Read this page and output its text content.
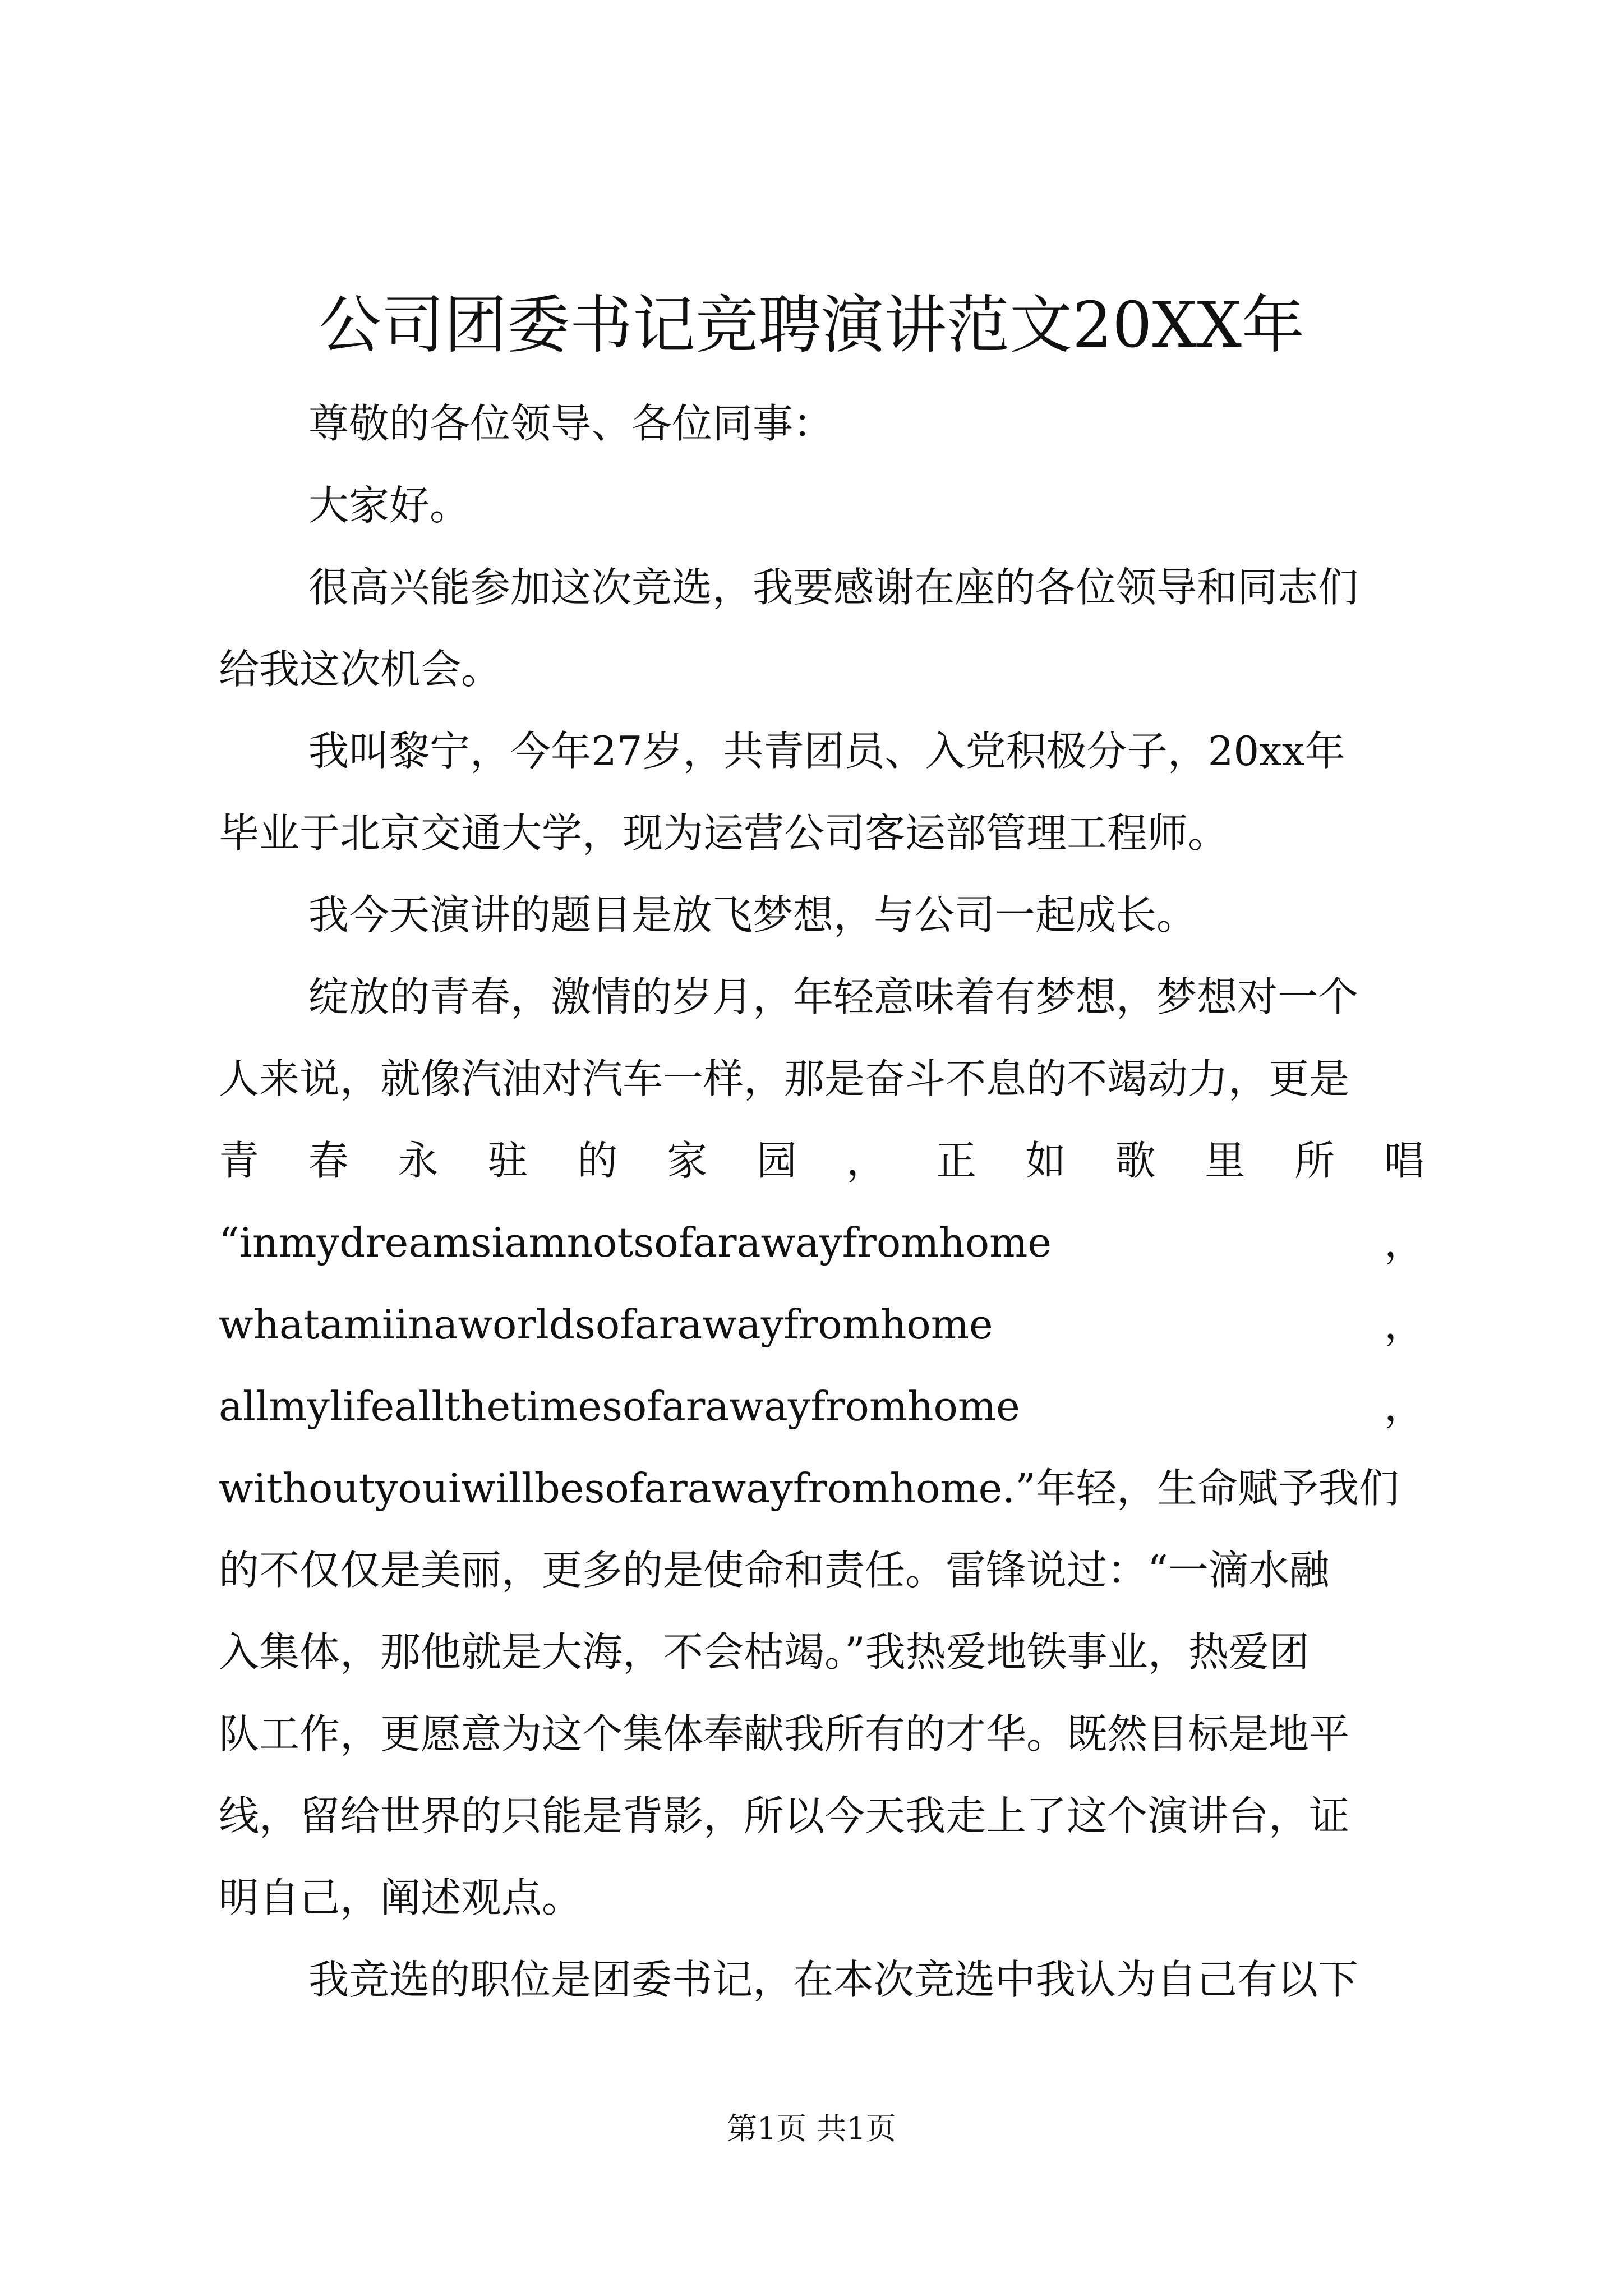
公司团委书记竞聘演讲范文20XX年

尊敬的各位领导、各位同事：

大家好。

很高兴能参加这次竞选，我要感谢在座的各位领导和同志们
给我这次机会。

我叫黎宁，今年27岁，共青团员、入党积极分子，20xx年
毕业于北京交通大学，现为运营公司客运部管理工程师。

我今天演讲的题目是放飞梦想，与公司一起成长。

绽放的青春，激情的岁月，年轻意味着有梦想，梦想对一个
人来说，就像汽油对汽车一样，那是奋斗不息的不竭动力，更是
青 春 永 驻 的 家 园 ， 正 如 歌 里 所 唱
“inmydreamsiamnotsofarawayfromhome	，
whatamiinaworldsofarawayfromhome	，
allmylifeallthetimesofarawayfromhome	，
withoutyouiwillbesofarawayfromhome.”年轻，生命赋予我们
的不仅仅是美丽，更多的是使命和责任。雷锋说过：“一滴水融
入集体，那他就是大海，不会枯竭。”我热爱地铁事业，热爱团
队工作，更愿意为这个集体奉献我所有的才华。既然目标是地平
线，留给世界的只能是背影，所以今天我走上了这个演讲台，证
明自己，阐述观点。

我竞选的职位是团委书记，在本次竞选中我认为自己有以下

第1页 共1页
